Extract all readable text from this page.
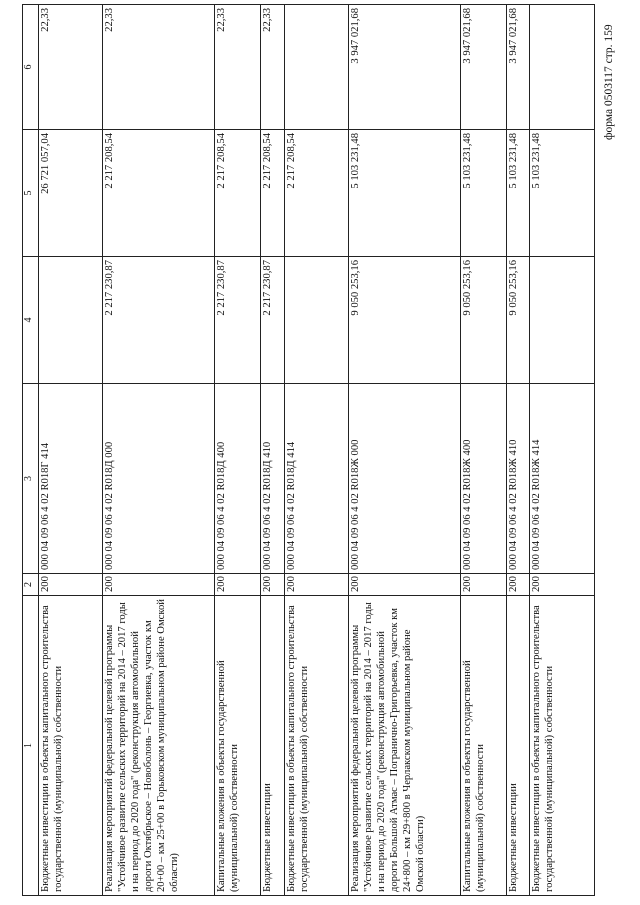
форма 0503117 стр. 159
1	2	3	4	5	6
Бюджетные инвестиции в объекты капитального строительства государственной (муниципальной) собственности	200	000 04 09 06 4 02 R018Г 414		26 721 057,04	22,33
Реализация мероприятий федеральной целевой программы "Устойчивое развитие сельских территорий на 2014 – 2017 годы и на период до 2020 года" (реконструкция автомобильной дороги Октябрьское – Новоболонь – Георгиевка, участок км 20+00 – км 25+00 в Горьковском муниципальном районе Омской области)	200	000 04 09 06 4 02 R018Д 000	2 217 230,87	2 217 208,54	22,33
Капитальные вложения в объекты государственной (муниципальной) собственности	200	000 04 09 06 4 02 R018Д 400	2 217 230,87	2 217 208,54	22,33
Бюджетные инвестиции	200	000 04 09 06 4 02 R018Д 410	2 217 230,87	2 217 208,54	22,33
Бюджетные инвестиции в объекты капитального строительства государственной (муниципальной) собственности	200	000 04 09 06 4 02 R018Д 414		2 217 208,54	
Реализация мероприятий федеральной целевой программы "Устойчивое развитие сельских территорий на 2014 – 2017 годы и на период до 2020 года" (реконструкция автомобильной дороги Большой Атмас – Погранично-Григорьевка, участок км 24+800 – км 29+800 в Черлакском муниципальном районе Омской области)	200	000 04 09 06 4 02 R018Ж 000	9 050 253,16	5 103 231,48	3 947 021,68
Капитальные вложения в объекты государственной (муниципальной) собственности	200	000 04 09 06 4 02 R018Ж 400	9 050 253,16	5 103 231,48	3 947 021,68
Бюджетные инвестиции	200	000 04 09 06 4 02 R018Ж 410	9 050 253,16	5 103 231,48	3 947 021,68
Бюджетные инвестиции в объекты капитального строительства государственной (муниципальной) собственности	200	000 04 09 06 4 02 R018Ж 414		5 103 231,48	
